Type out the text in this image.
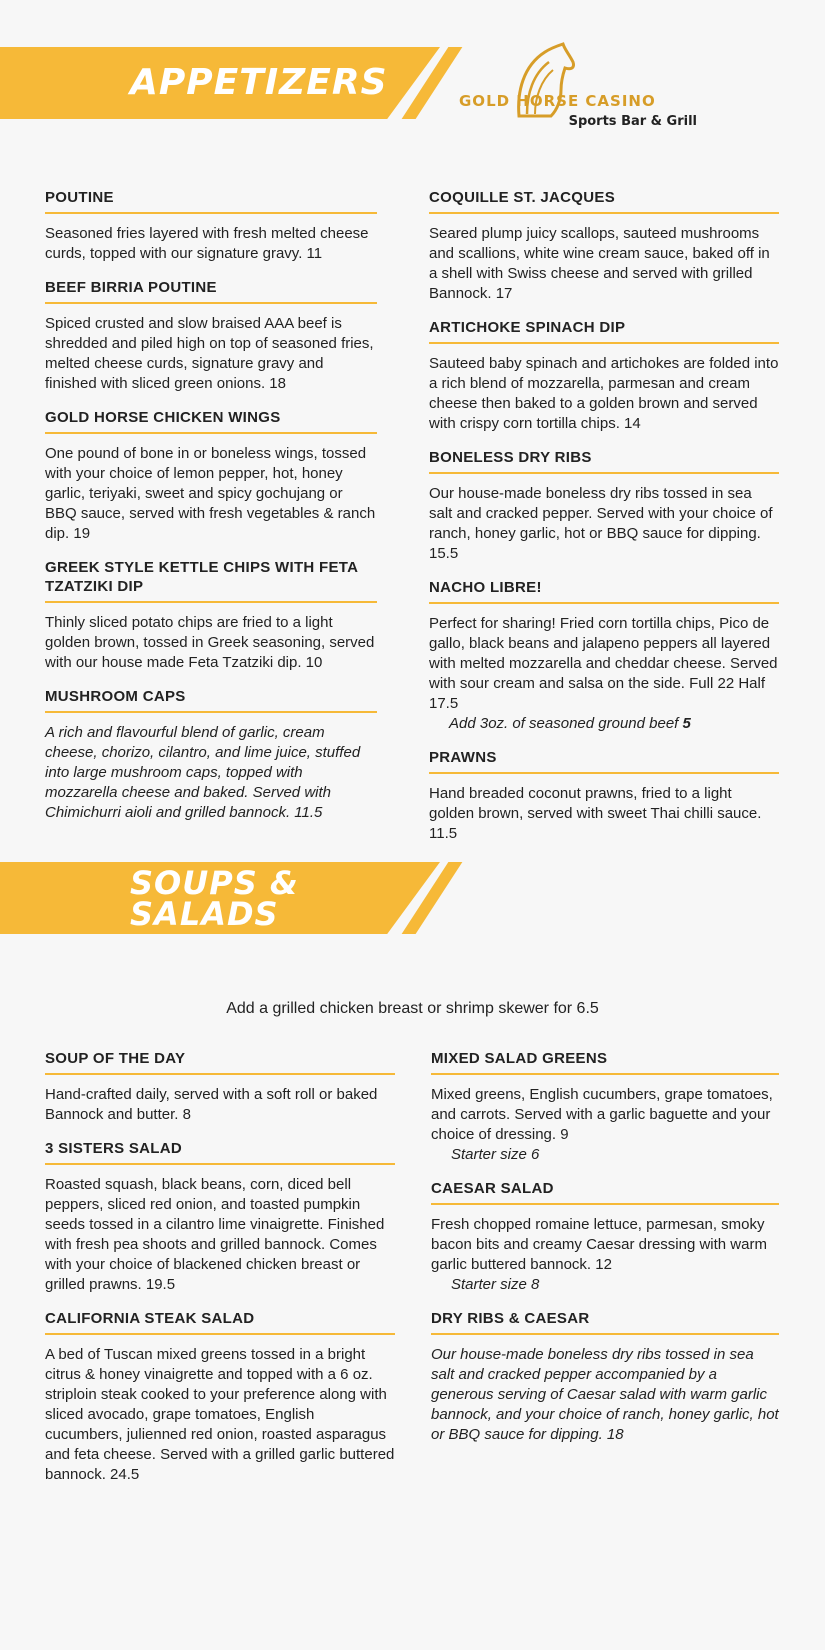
APPETIZERS	GOLD HORSE CASINO
Sports Bar & Grill
POUTINE
Seasoned fries layered with fresh melted cheese curds, topped with our signature gravy. 11
BEEF BIRRIA POUTINE
Spiced crusted and slow braised AAA beef is shredded and piled high on top of seasoned fries, melted cheese curds, signature gravy and finished with sliced green onions. 18
GOLD HORSE CHICKEN WINGS
One pound of bone in or boneless wings, tossed with your choice of lemon pepper, hot, honey garlic, teriyaki, sweet and spicy gochujang or BBQ sauce, served with fresh vegetables & ranch dip. 19
GREEK STYLE KETTLE CHIPS WITH FETA TZATZIKI DIP
Thinly sliced potato chips are fried to a light golden brown, tossed in Greek seasoning, served with our house made Feta Tzatziki dip. 10
MUSHROOM CAPS
A rich and flavourful blend of garlic, cream cheese, chorizo, cilantro, and lime juice, stuffed into large mushroom caps, topped with mozzarella cheese and baked. Served with Chimichurri aioli and grilled bannock. 11.5
COQUILLE ST. JACQUES
Seared plump juicy scallops, sauteed mushrooms and scallions, white wine cream sauce, baked off in a shell with Swiss cheese and served with grilled Bannock. 17
ARTICHOKE SPINACH DIP
Sauteed baby spinach and artichokes are folded into a rich blend of mozzarella, parmesan and cream cheese then baked to a golden brown and served with crispy corn tortilla chips. 14
BONELESS DRY RIBS
Our house-made boneless dry ribs tossed in sea salt and cracked pepper. Served with your choice of ranch, honey garlic, hot or BBQ sauce for dipping. 15.5
NACHO LIBRE!
Perfect for sharing! Fried corn tortilla chips, Pico de gallo, black beans and jalapeno peppers all layered with melted mozzarella and cheddar cheese. Served with sour cream and salsa on the side. Full 22 Half 17.5
Add 3oz. of seasoned ground beef 5
PRAWNS
Hand breaded coconut prawns, fried to a light golden brown, served with sweet Thai chilli sauce. 11.5
SOUPS &
SALADS
Add a grilled chicken breast or shrimp skewer for 6.5
SOUP OF THE DAY
Hand-crafted daily, served with a soft roll or baked Bannock and butter. 8
3 SISTERS SALAD
Roasted squash, black beans, corn, diced bell peppers, sliced red onion, and toasted pumpkin seeds tossed in a cilantro lime vinaigrette. Finished with fresh pea shoots and grilled bannock. Comes with your choice of blackened chicken breast or grilled prawns. 19.5
CALIFORNIA STEAK SALAD
A bed of Tuscan mixed greens tossed in a bright citrus & honey vinaigrette and topped with a 6 oz. striploin steak cooked to your preference along with sliced avocado, grape tomatoes, English cucumbers, julienned red onion, roasted asparagus and feta cheese. Served with a grilled garlic buttered bannock. 24.5
MIXED SALAD GREENS
Mixed greens, English cucumbers, grape tomatoes, and carrots. Served with a garlic baguette and your choice of dressing. 9
Starter size 6
CAESAR SALAD
Fresh chopped romaine lettuce, parmesan, smoky bacon bits and creamy Caesar dressing with warm garlic buttered bannock. 12
Starter size 8
DRY RIBS & CAESAR
Our house-made boneless dry ribs tossed in sea salt and cracked pepper accompanied by a generous serving of Caesar salad with warm garlic bannock, and your choice of ranch, honey garlic, hot or BBQ sauce for dipping. 18
